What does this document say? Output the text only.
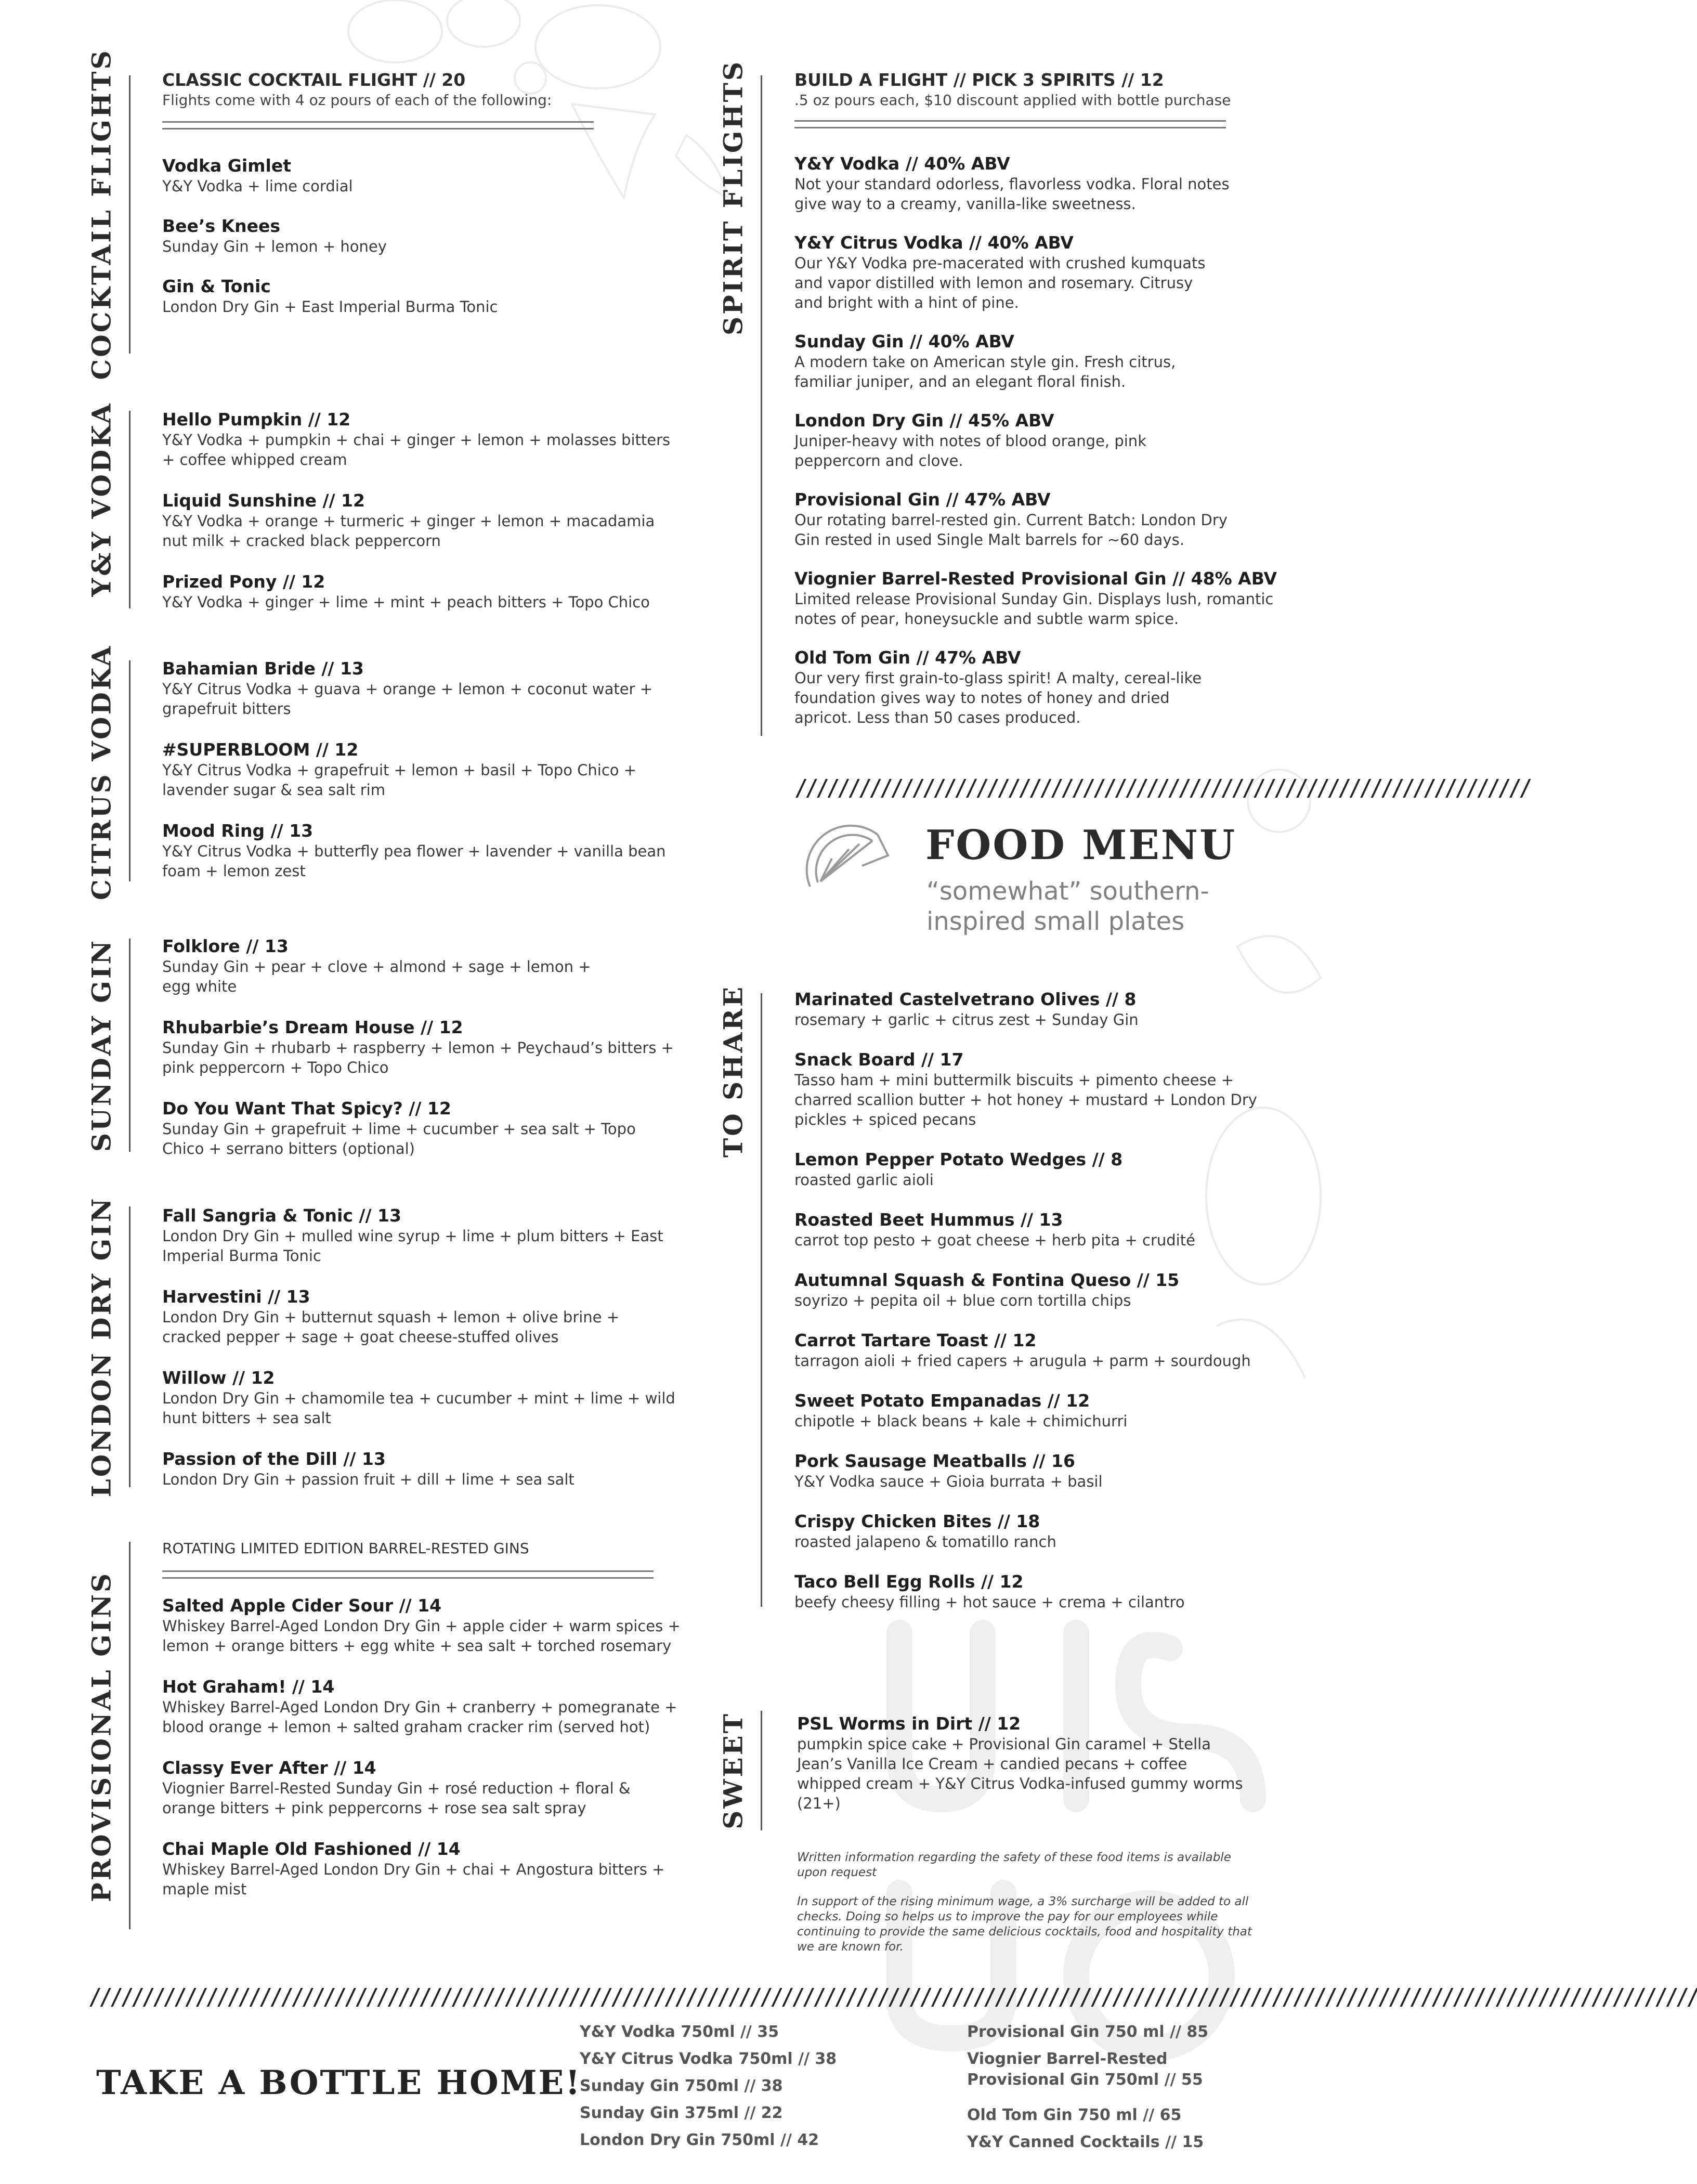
COCKTAIL FLIGHTS	CLASSIC COCKTAIL FLIGHT // 20
Flights come with 4 oz pours of each of the following:
Vodka Gimlet
Y&Y Vodka + lime cordial
Bee’s Knees
Sunday Gin + lemon + honey
Gin & Tonic
London Dry Gin + East Imperial Burma Tonic
Y&Y VODKA	Hello Pumpkin // 12
Y&Y Vodka + pumpkin + chai + ginger + lemon + molasses bitters + coffee whipped cream
Liquid Sunshine // 12
Y&Y Vodka + orange + turmeric + ginger + lemon + macadamia nut milk + cracked black peppercorn
Prized Pony // 12
Y&Y Vodka + ginger + lime + mint + peach bitters + Topo Chico
CITRUS VODKA	Bahamian Bride // 13
Y&Y Citrus Vodka + guava + orange + lemon + coconut water + grapefruit bitters
#SUPERBLOOM // 12
Y&Y Citrus Vodka + grapefruit + lemon + basil + Topo Chico + lavender sugar & sea salt rim
Mood Ring // 13
Y&Y Citrus Vodka + butterfly pea flower + lavender + vanilla bean foam + lemon zest
SUNDAY GIN	Folklore // 13
Sunday Gin + pear + clove + almond + sage + lemon + egg white
Rhubarbie’s Dream House // 12
Sunday Gin + rhubarb + raspberry + lemon + Peychaud’s bitters + pink peppercorn + Topo Chico
Do You Want That Spicy? // 12
Sunday Gin + grapefruit + lime + cucumber + sea salt + Topo Chico + serrano bitters (optional)
LONDON DRY GIN	Fall Sangria & Tonic // 13
London Dry Gin + mulled wine syrup + lime + plum bitters + East Imperial Burma Tonic
Harvestini // 13
London Dry Gin + butternut squash + lemon + olive brine + cracked pepper + sage + goat cheese-stuffed olives
Willow // 12
London Dry Gin + chamomile tea + cucumber + mint + lime + wild hunt bitters + sea salt
Passion of the Dill // 13
London Dry Gin + passion fruit + dill + lime + sea salt
PROVISIONAL GINS
ROTATING LIMITED EDITION BARREL-RESTED GINS
Salted Apple Cider Sour // 14
Whiskey Barrel-Aged London Dry Gin + apple cider + warm spices + lemon + orange bitters + egg white + sea salt + torched rosemary
Hot Graham! // 14
Whiskey Barrel-Aged London Dry Gin + cranberry + pomegranate + blood orange + lemon + salted graham cracker rim (served hot)
Classy Ever After // 14
Viognier Barrel-Rested Sunday Gin + rosé reduction + floral & orange bitters + pink peppercorns + rose sea salt spray
Chai Maple Old Fashioned // 14
Whiskey Barrel-Aged London Dry Gin + chai + Angostura bitters + maple mist
SPIRIT FLIGHTS	BUILD A FLIGHT // PICK 3 SPIRITS // 12
.5 oz pours each, $10 discount applied with bottle purchase
Y&Y Vodka // 40% ABV
Not your standard odorless, flavorless vodka. Floral notes give way to a creamy, vanilla-like sweetness.
Y&Y Citrus Vodka // 40% ABV
Our Y&Y Vodka pre-macerated with crushed kumquats and vapor distilled with lemon and rosemary. Citrusy and bright with a hint of pine.
Sunday Gin // 40% ABV
A modern take on American style gin. Fresh citrus, familiar juniper, and an elegant floral finish.
London Dry Gin // 45% ABV
Juniper-heavy with notes of blood orange, pink peppercorn and clove.
Provisional Gin // 47% ABV
Our rotating barrel-rested gin. Current Batch: London Dry Gin rested in used Single Malt barrels for ~60 days.
Viognier Barrel-Rested Provisional Gin // 48% ABV
Limited release Provisional Sunday Gin. Displays lush, romantic notes of pear, honeysuckle and subtle warm spice.
Old Tom Gin // 47% ABV
Our very first grain-to-glass spirit! A malty, cereal-like foundation gives way to notes of honey and dried apricot. Less than 50 cases produced.
/////////////////////////////////////////////////////////////////////
FOOD MENU
“somewhat” southern-
inspired small plates
TO SHARE	Marinated Castelvetrano Olives // 8
rosemary + garlic + citrus zest + Sunday Gin
Snack Board // 17
Tasso ham + mini buttermilk biscuits + pimento cheese + charred scallion butter + hot honey + mustard + London Dry pickles + spiced pecans
Lemon Pepper Potato Wedges // 8
roasted garlic aioli
Roasted Beet Hummus // 13
carrot top pesto + goat cheese + herb pita + crudité
Autumnal Squash & Fontina Queso // 15
soyrizo + pepita oil + blue corn tortilla chips
Carrot Tartare Toast // 12
tarragon aioli + fried capers + arugula + parm + sourdough
Sweet Potato Empanadas // 12
chipotle + black beans + kale + chimichurri
Pork Sausage Meatballs // 16
Y&Y Vodka sauce + Gioia burrata + basil
Crispy Chicken Bites // 18
roasted jalapeno & tomatillo ranch
Taco Bell Egg Rolls // 12
beefy cheesy filling + hot sauce + crema + cilantro
SWEET	PSL Worms in Dirt // 12
pumpkin spice cake + Provisional Gin caramel + Stella Jean’s Vanilla Ice Cream + candied pecans + coffee whipped cream + Y&Y Citrus Vodka-infused gummy worms (21+)
Written information regarding the safety of these food items is available upon request
In support of the rising minimum wage, a 3% surcharge will be added to all checks. Doing so helps us to improve the pay for our employees while continuing to provide the same delicious cocktails, food and hospitality that we are known for.
///////////////////////////////////////////////////////////////////////////////////////////////////////////////////////////////////////////////////////
TAKE A BOTTLE HOME!
Y&Y Vodka 750ml // 35
Y&Y Citrus Vodka 750ml // 38
Sunday Gin 750ml // 38
Sunday Gin 375ml // 22
London Dry Gin 750ml // 42
Provisional Gin 750 ml // 85
Viognier Barrel-Rested
Provisional Gin 750ml // 55
Old Tom Gin 750 ml // 65
Y&Y Canned Cocktails // 15
